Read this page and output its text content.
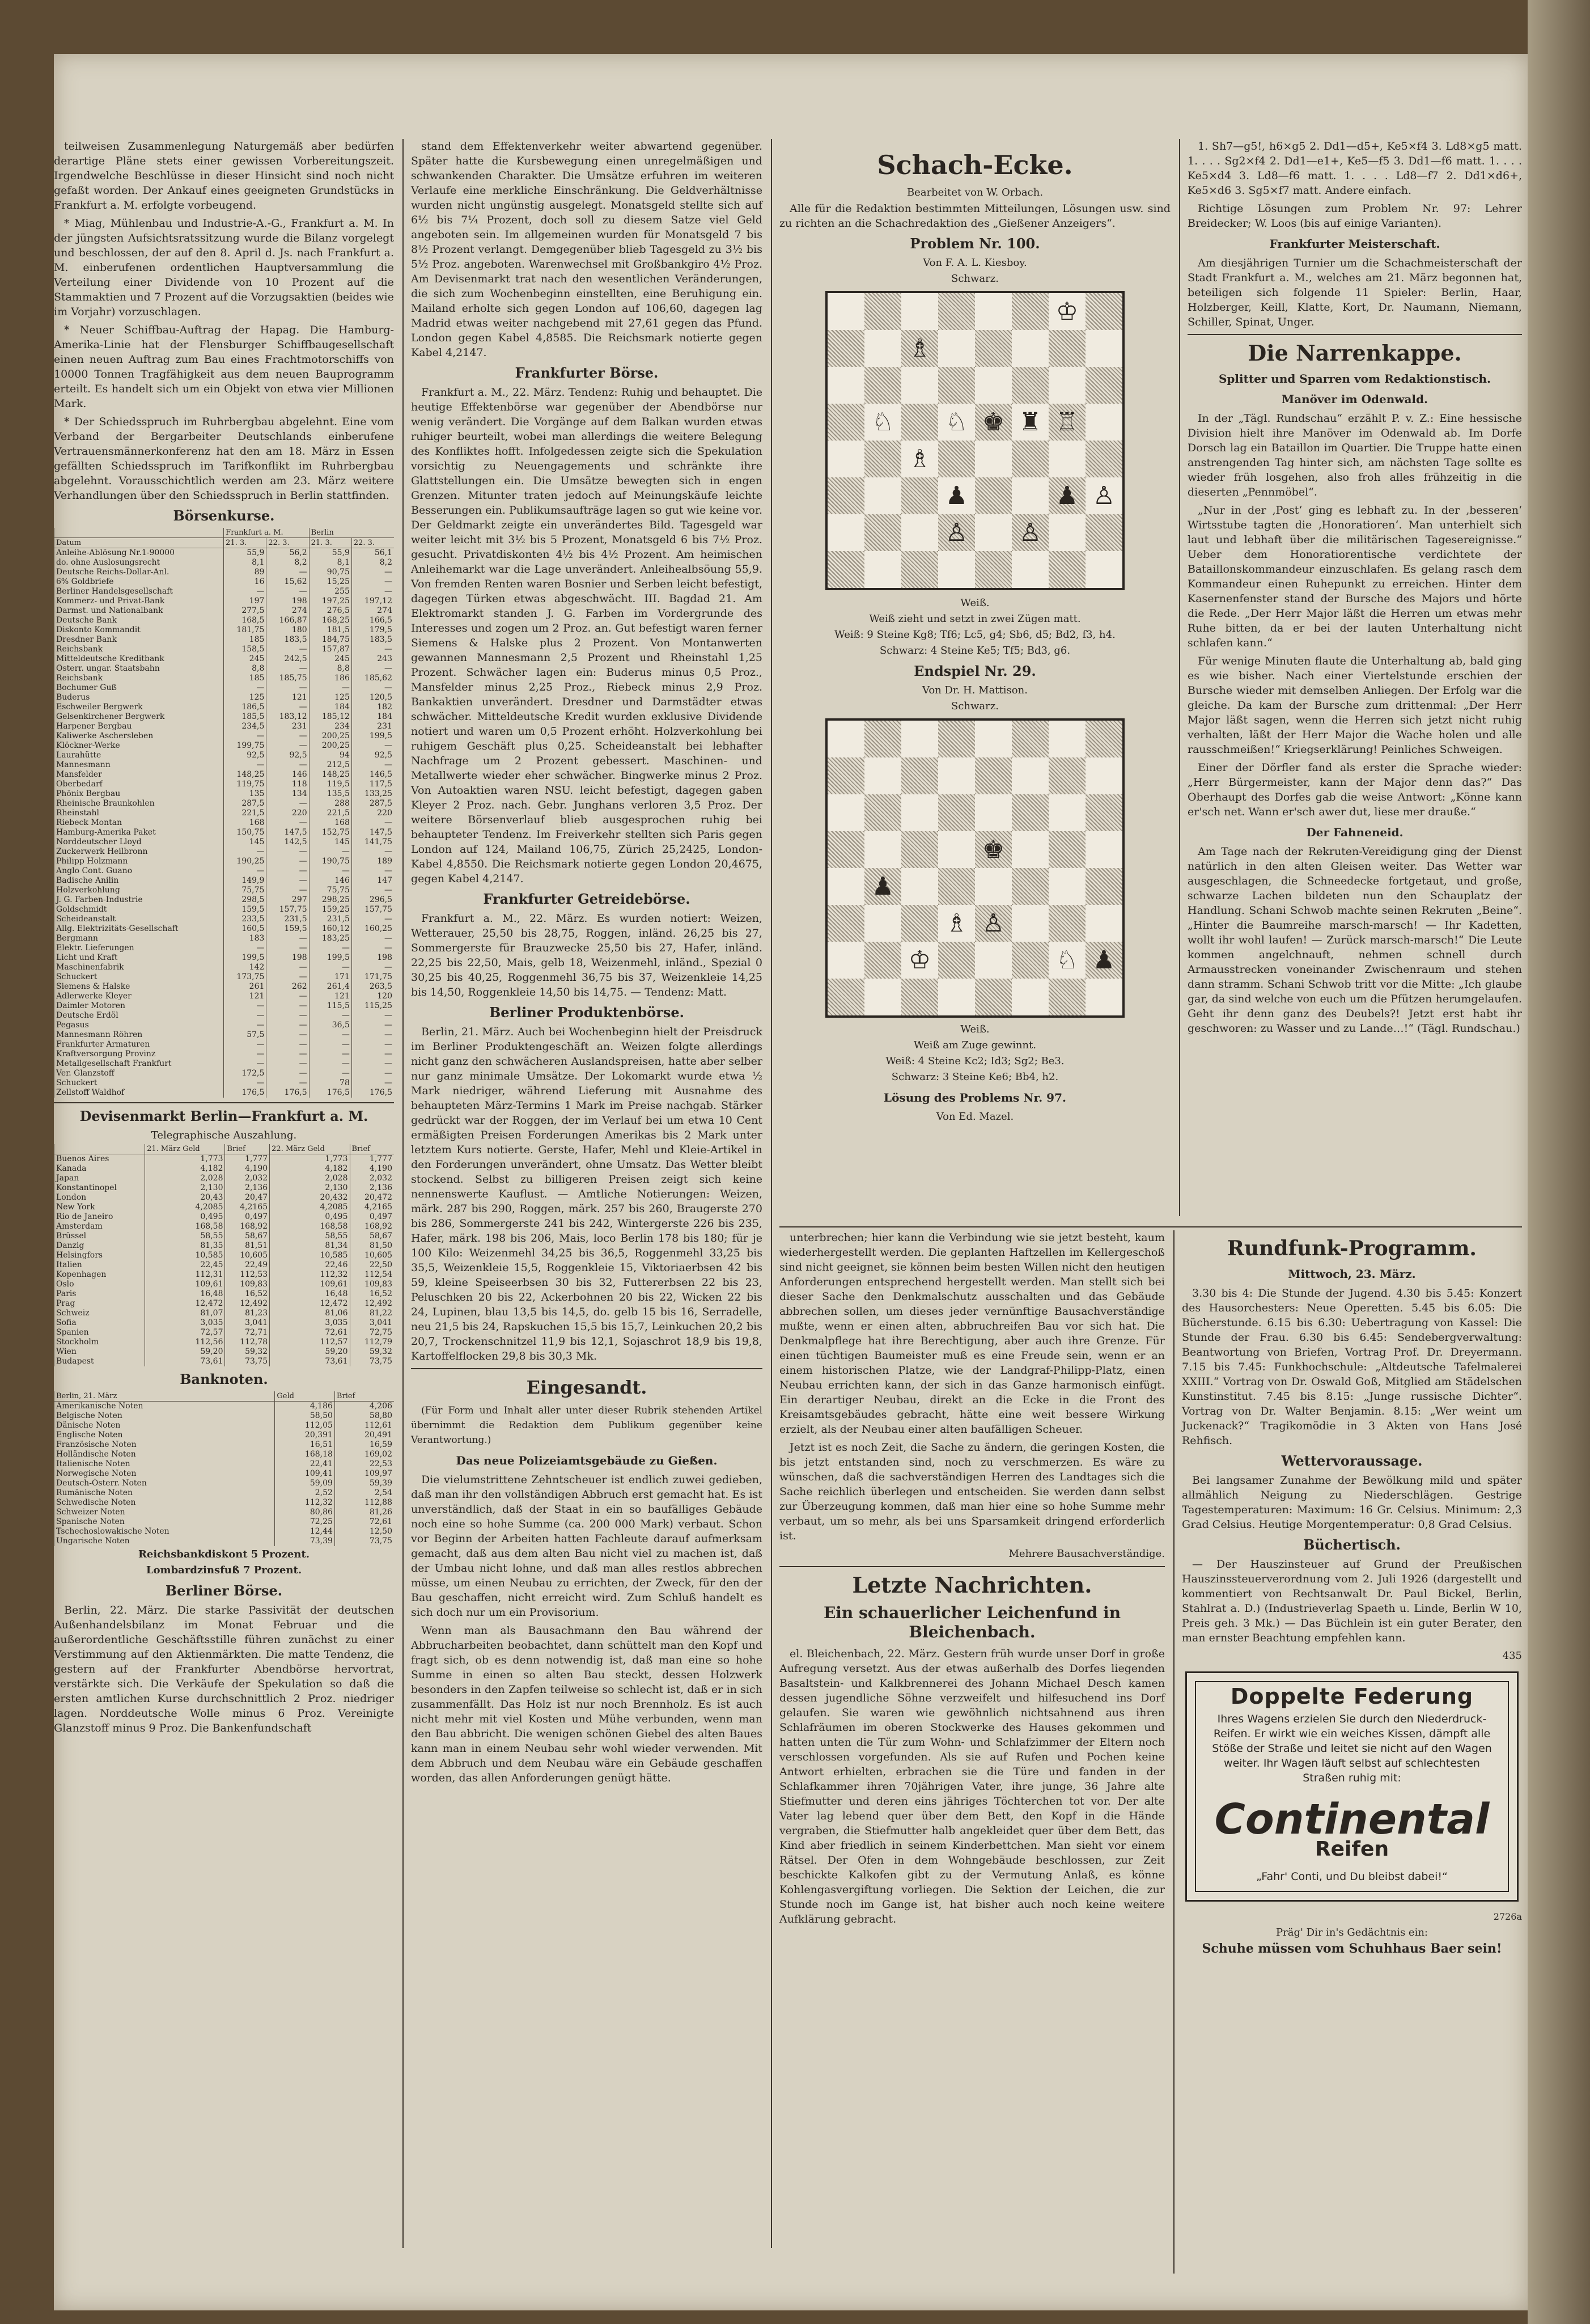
teilweisen Zusammenlegung Naturgemäß aber bedürfen derartige Pläne stets einer gewissen Vorbereitungszeit. Irgendwelche Beschlüsse in dieser Hinsicht sind noch nicht gefaßt worden. Der Ankauf eines geeigneten Grundstücks in Frankfurt a. M. erfolgte vorbeugend.

* Miag, Mühlenbau und Industrie-A.-G., Frankfurt a. M. In der jüngsten Aufsichtsratssitzung wurde die Bilanz vorgelegt und beschlossen, der auf den 8. April d. Js. nach Frankfurt a. M. einberufenen ordentlichen Hauptversammlung die Verteilung einer Dividende von 10 Prozent auf die Stammaktien und 7 Prozent auf die Vorzugsaktien (beides wie im Vorjahr) vorzuschlagen.

* Neuer Schiffbau-Auftrag der Hapag. Die Hamburg-Amerika-Linie hat der Flensburger Schiffbaugesellschaft einen neuen Auftrag zum Bau eines Frachtmotorschiffs von 10000 Tonnen Tragfähigkeit aus dem neuen Bauprogramm erteilt. Es handelt sich um ein Objekt von etwa vier Millionen Mark.

* Der Schiedsspruch im Ruhrbergbau abgelehnt. Eine vom Verband der Bergarbeiter Deutschlands einberufene Vertrauensmännerkonferenz hat den am 18. März in Essen gefällten Schiedsspruch im Tarifkonflikt im Ruhrbergbau abgelehnt. Vorausschichtlich werden am 23. März weitere Verhandlungen über den Schiedsspruch in Berlin stattfinden.

Börsenkurse.
	Frankfurt a. M.		Berlin	
Datum	21. 3.	22. 3.	21. 3.	22. 3.
Anleihe-Ablösung Nr.1-90000	55,9	56,2	55,9	56,1
do. ohne Auslosungsrecht	8,1	8,2	8,1	8,2
Deutsche Reichs-Dollar-Anl.	89	—	90,75	—
6% Goldbriefe	16	15,62	15,25	—
Berliner Handelsgesellschaft	—	—	255	—
Kommerz- und Privat-Bank	197	198	197,25	197,12
Darmst. und Nationalbank	277,5	274	276,5	274
Deutsche Bank	168,5	166,87	168,25	166,5
Diskonto Kommandit	181,75	180	181,5	179,5
Dresdner Bank	185	183,5	184,75	183,5
Reichsbank	158,5	—	157,87	—
Mitteldeutsche Kreditbank	245	242,5	245	243
Österr. ungar. Staatsbahn	8,8	—	8,8	—
Reichsbank	185	185,75	186	185,62
Bochumer Guß	—	—	—	—
Buderus	125	121	125	120,5
Eschweiler Bergwerk	186,5	—	184	182
Gelsenkirchener Bergwerk	185,5	183,12	185,12	184
Harpener Bergbau	234,5	231	234	231
Kaliwerke Aschersleben	—	—	200,25	199,5
Klöckner-Werke	199,75	—	200,25	—
Laurahütte	92,5	92,5	94	92,5
Mannesmann	—	—	212,5	—
Mansfelder	148,25	146	148,25	146,5
Oberbedarf	119,75	118	119,5	117,5
Phönix Bergbau	135	134	135,5	133,25
Rheinische Braunkohlen	287,5	—	288	287,5
Rheinstahl	221,5	220	221,5	220
Riebeck Montan	168	—	168	—
Hamburg-Amerika Paket	150,75	147,5	152,75	147,5
Norddeutscher Lloyd	145	142,5	145	141,75
Zuckerwerk Heilbronn	—	—	—	—
Philipp Holzmann	190,25	—	190,75	189
Anglo Cont. Guano	—	—	—	—
Badische Anilin	149,9	—	146	147
Holzverkohlung	75,75	—	75,75	—
J. G. Farben-Industrie	298,5	297	298,25	296,5
Goldschmidt	159,5	157,75	159,25	157,75
Scheideanstalt	233,5	231,5	231,5	—
Allg. Elektrizitäts-Gesellschaft	160,5	159,5	160,12	160,25
Bergmann	183	—	183,25	—
Elektr. Lieferungen	—	—	—	—
Licht und Kraft	199,5	198	199,5	198
Maschinenfabrik	142	—	—	—
Schuckert	173,75	—	171	171,75
Siemens & Halske	261	262	261,4	263,5
Adlerwerke Kleyer	121	—	121	120
Daimler Motoren	—	—	115,5	115,25
Deutsche Erdöl	—	—	—	—
Pegasus	—	—	36,5	—
Mannesmann Röhren	57,5	—	—	—
Frankfurter Armaturen	—	—	—	—
Kraftversorgung Provinz	—	—	—	—
Metallgesellschaft Frankfurt	—	—	—	—
Ver. Glanzstoff	172,5	—	—	—
Schuckert	—	—	78	—
Zellstoff Waldhof	176,5	176,5	176,5	176,5
Devisenmarkt Berlin—Frankfurt a. M.
Telegraphische Auszahlung.
	21. März Geld	Brief	22. März Geld	Brief
Buenos Aires	1,773	1,777	1,773	1,777
Kanada	4,182	4,190	4,182	4,190
Japan	2,028	2,032	2,028	2,032
Konstantinopel	2,130	2,136	2,130	2,136
London	20,43	20,47	20,432	20,472
New York	4,2085	4,2165	4,2085	4,2165
Rio de Janeiro	0,495	0,497	0,495	0,497
Amsterdam	168,58	168,92	168,58	168,92
Brüssel	58,55	58,67	58,55	58,67
Danzig	81,35	81,51	81,34	81,50
Helsingfors	10,585	10,605	10,585	10,605
Italien	22,45	22,49	22,46	22,50
Kopenhagen	112,31	112,53	112,32	112,54
Oslo	109,61	109,83	109,61	109,83
Paris	16,48	16,52	16,48	16,52
Prag	12,472	12,492	12,472	12,492
Schweiz	81,07	81,23	81,06	81,22
Sofia	3,035	3,041	3,035	3,041
Spanien	72,57	72,71	72,61	72,75
Stockholm	112,56	112,78	112,57	112,79
Wien	59,20	59,32	59,20	59,32
Budapest	73,61	73,75	73,61	73,75
Banknoten.
Berlin, 21. März	Geld	Brief
Amerikanische Noten	4,186	4,206
Belgische Noten	58,50	58,80
Dänische Noten	112,05	112,61
Englische Noten	20,391	20,491
Französische Noten	16,51	16,59
Holländische Noten	168,18	169,02
Italienische Noten	22,41	22,53
Norwegische Noten	109,41	109,97
Deutsch-Österr. Noten	59,09	59,39
Rumänische Noten	2,52	2,54
Schwedische Noten	112,32	112,88
Schweizer Noten	80,86	81,26
Spanische Noten	72,25	72,61
Tschechoslowakische Noten	12,44	12,50
Ungarische Noten	73,39	73,75
Reichsbankdiskont 5 Prozent.
Lombardzinsfuß 7 Prozent.
Berliner Börse.

Berlin, 22. März. Die starke Passivität der deutschen Außenhandelsbilanz im Monat Februar und die außerordentliche Geschäftsstille führen zunächst zu einer Verstimmung auf den Aktienmärkten. Die matte Tendenz, die gestern auf der Frankfurter Abendbörse hervortrat, verstärkte sich. Die Verkäufe der Spekulation so daß die ersten amtlichen Kurse durchschnittlich 2 Proz. niedriger lagen. Norddeutsche Wolle minus 6 Proz. Vereinigte Glanzstoff minus 9 Proz. Die Bankenfundschaft

stand dem Effektenverkehr weiter abwartend gegenüber. Später hatte die Kursbewegung einen unregelmäßigen und schwankenden Charakter. Die Umsätze erfuhren im weiteren Verlaufe eine merkliche Einschränkung. Die Geldverhältnisse wurden nicht ungünstig ausgelegt. Monatsgeld stellte sich auf 6½ bis 7¼ Prozent, doch soll zu diesem Satze viel Geld angeboten sein. Im allgemeinen wurden für Monatsgeld 7 bis 8½ Prozent verlangt. Demgegenüber blieb Tagesgeld zu 3½ bis 5½ Proz. angeboten. Warenwechsel mit Großbankgiro 4½ Proz. Am Devisenmarkt trat nach den wesentlichen Veränderungen, die sich zum Wochenbeginn einstellten, eine Beruhigung ein. Mailand erholte sich gegen London auf 106,60, dagegen lag Madrid etwas weiter nachgebend mit 27,61 gegen das Pfund. London gegen Kabel 4,8585. Die Reichsmark notierte gegen Kabel 4,2147.

Frankfurter Börse.

Frankfurt a. M., 22. März. Tendenz: Ruhig und behauptet. Die heutige Effektenbörse war gegenüber der Abendbörse nur wenig verändert. Die Vorgänge auf dem Balkan wurden etwas ruhiger beurteilt, wobei man allerdings die weitere Belegung des Konfliktes hofft. Infolgedessen zeigte sich die Spekulation vorsichtig zu Neuengagements und schränkte ihre Glattstellungen ein. Die Umsätze bewegten sich in engen Grenzen. Mitunter traten jedoch auf Meinungskäufe leichte Besserungen ein. Publikumsaufträge lagen so gut wie keine vor. Der Geldmarkt zeigte ein unverändertes Bild. Tagesgeld war weiter leicht mit 3½ bis 5 Prozent, Monatsgeld 6 bis 7½ Proz. gesucht. Privatdiskonten 4½ bis 4½ Prozent. Am heimischen Anleihemarkt war die Lage unverändert. Anleihealbsöung 55,9. Von fremden Renten waren Bosnier und Serben leicht befestigt, dagegen Türken etwas abgeschwächt. III. Bagdad 21. Am Elektromarkt standen J. G. Farben im Vordergrunde des Interesses und zogen um 2 Proz. an. Gut befestigt waren ferner Siemens & Halske plus 2 Prozent. Von Montanwerten gewannen Mannesmann 2,5 Prozent und Rheinstahl 1,25 Prozent. Schwächer lagen ein: Buderus minus 0,5 Proz., Mansfelder minus 2,25 Proz., Riebeck minus 2,9 Proz. Bankaktien unverändert. Dresdner und Darmstädter etwas schwächer. Mitteldeutsche Kredit wurden exklusive Dividende notiert und waren um 0,5 Prozent erhöht. Holzverkohlung bei ruhigem Geschäft plus 0,25. Scheideanstalt bei lebhafter Nachfrage um 2 Prozent gebessert. Maschinen- und Metallwerte wieder eher schwächer. Bingwerke minus 2 Proz. Von Autoaktien waren NSU. leicht befestigt, dagegen gaben Kleyer 2 Proz. nach. Gebr. Junghans verloren 3,5 Proz. Der weitere Börsenverlauf blieb ausgesprochen ruhig bei behaupteter Tendenz. Im Freiverkehr stellten sich Paris gegen London auf 124, Mailand 106,75, Zürich 25,2425, London-Kabel 4,8550. Die Reichsmark notierte gegen London 20,4675, gegen Kabel 4,2147.

Frankfurter Getreidebörse.

Frankfurt a. M., 22. März. Es wurden notiert: Weizen, Wetterauer, 25,50 bis 28,75, Roggen, inländ. 26,25 bis 27, Sommergerste für Brauzwecke 25,50 bis 27, Hafer, inländ. 22,25 bis 22,50, Mais, gelb 18, Weizenmehl, inländ., Spezial 0 30,25 bis 40,25, Roggenmehl 36,75 bis 37, Weizenkleie 14,25 bis 14,50, Roggenkleie 14,50 bis 14,75. — Tendenz: Matt.

Berliner Produktenbörse.

Berlin, 21. März. Auch bei Wochenbeginn hielt der Preisdruck im Berliner Produktengeschäft an. Weizen folgte allerdings nicht ganz den schwächeren Auslandspreisen, hatte aber selber nur ganz minimale Umsätze. Der Lokomarkt wurde etwa ½ Mark niedriger, während Lieferung mit Ausnahme des behaupteten März-Termins 1 Mark im Preise nachgab. Stärker gedrückt war der Roggen, der im Verlauf bei um etwa 10 Cent ermäßigten Preisen Forderungen Amerikas bis 2 Mark unter letztem Kurs notierte. Gerste, Hafer, Mehl und Kleie-Artikel in den Forderungen unverändert, ohne Umsatz. Das Wetter bleibt stockend. Selbst zu billigeren Preisen zeigt sich keine nennenswerte Kauflust. — Amtliche Notierungen: Weizen, märk. 287 bis 290, Roggen, märk. 257 bis 260, Braugerste 270 bis 286, Sommergerste 241 bis 242, Wintergerste 226 bis 235, Hafer, märk. 198 bis 206, Mais, loco Berlin 178 bis 180; für je 100 Kilo: Weizenmehl 34,25 bis 36,5, Roggenmehl 33,25 bis 35,5, Weizenkleie 15,5, Roggenkleie 15, Viktoriaerbsen 42 bis 59, kleine Speiseerbsen 30 bis 32, Futtererbsen 22 bis 23, Peluschken 20 bis 22, Ackerbohnen 20 bis 22, Wicken 22 bis 24, Lupinen, blau 13,5 bis 14,5, do. gelb 15 bis 16, Serradelle, neu 21,5 bis 24, Rapskuchen 15,5 bis 15,7, Leinkuchen 20,2 bis 20,7, Trockenschnitzel 11,9 bis 12,1, Sojaschrot 18,9 bis 19,8, Kartoffelflocken 29,8 bis 30,3 Mk.

Eingesandt.

(Für Form und Inhalt aller unter dieser Rubrik stehenden Artikel übernimmt die Redaktion dem Publikum gegenüber keine Verantwortung.)

Das neue Polizeiamtsgebäude zu Gießen.

Die vielumstrittene Zehntscheuer ist endlich zuwei gedieben, daß man ihr den vollständigen Abbruch erst gemacht hat. Es ist unverständlich, daß der Staat in ein so baufälliges Gebäude noch eine so hohe Summe (ca. 200 000 Mark) verbaut. Schon vor Beginn der Arbeiten hatten Fachleute darauf aufmerksam gemacht, daß aus dem alten Bau nicht viel zu machen ist, daß der Umbau nicht lohne, und daß man alles restlos abbrechen müsse, um einen Neubau zu errichten, der Zweck, für den der Bau geschaffen, nicht erreicht wird. Zum Schluß handelt es sich doch nur um ein Provisorium.

Wenn man als Bausachmann den Bau während der Abbrucharbeiten beobachtet, dann schüttelt man den Kopf und fragt sich, ob es denn notwendig ist, daß man eine so hohe Summe in einen so alten Bau steckt, dessen Holzwerk besonders in den Zapfen teilweise so schlecht ist, daß er in sich zusammenfällt. Das Holz ist nur noch Brennholz. Es ist auch nicht mehr mit viel Kosten und Mühe verbunden, wenn man den Bau abbricht. Die wenigen schönen Giebel des alten Baues kann man in einem Neubau sehr wohl wieder verwenden. Mit dem Abbruch und dem Neubau wäre ein Gebäude geschaffen worden, das allen Anforderungen genügt hätte.

Schach-Ecke.
Bearbeitet von W. Orbach.

Alle für die Redaktion bestimmten Mitteilungen, Lösungen usw. sind zu richten an die Schachredaktion des „Gießener Anzeigers“.

Problem Nr. 100.
Von F. A. L. Kiesboy.
Schwarz.
♔
♗
♘ ♘ ♚ ♜ ♖
♗
♟	♟ ♙
♙ ♙
Weiß.
Weiß zieht und setzt in zwei Zügen matt.
Weiß: 9 Steine Kg8; Tf6; Lc5, g4; Sb6, d5; Bd2, f3, h4.
Schwarz: 4 Steine Ke5; Tf5; Bd3, g6.
Endspiel Nr. 29.
Von Dr. H. Mattison.
Schwarz.
♚
♟
♗ ♙
♔	♘ ♟
Weiß.
Weiß am Zuge gewinnt.
Weiß: 4 Steine Kc2; Id3; Sg2; Be3.
Schwarz: 3 Steine Ke6; Bb4, h2.
Lösung des Problems Nr. 97.
Von Ed. Mazel.

1. Sh7—g5!, h6×g5 2. Dd1—d5+, Ke5×f4 3. Ld8×g5 matt. 1. . . . Sg2×f4 2. Dd1—e1+, Ke5—f5 3. Dd1—f6 matt. 1. . . . Ke5×d4 3. Ld8—f6 matt. 1. . . . Ld8—f7 2. Dd1×d6+, Ke5×d6 3. Sg5×f7 matt. Andere einfach.

Richtige Lösungen zum Problem Nr. 97: Lehrer Breidecker; W. Loos (bis auf einige Varianten).

Frankfurter Meisterschaft.

Am diesjährigen Turnier um die Schachmeisterschaft der Stadt Frankfurt a. M., welches am 21. März begonnen hat, beteiligen sich folgende 11 Spieler: Berlin, Haar, Holzberger, Keill, Klatte, Kort, Dr. Naumann, Niemann, Schiller, Spinat, Unger.

Die Narrenkappe.
Splitter und Sparren vom Redaktionstisch.
Manöver im Odenwald.

In der „Tägl. Rundschau“ erzählt P. v. Z.: Eine hessische Division hielt ihre Manöver im Odenwald ab. Im Dorfe Dorsch lag ein Bataillon im Quartier. Die Truppe hatte einen anstrengenden Tag hinter sich, am nächsten Tage sollte es wieder früh losgehen, also froh alles frühzeitig in die dieserten „Pennmöbel“.

„Nur in der ‚Post‘ ging es lebhaft zu. In der ‚besseren‘ Wirtsstube tagten die ‚Honoratioren‘. Man unterhielt sich laut und lebhaft über die militärischen Tagesereignisse.“ Ueber dem Honoratiorentische verdichtete der Bataillonskommandeur einzuschlafen. Es gelang rasch dem Kommandeur einen Ruhepunkt zu erreichen. Hinter dem Kasernenfenster stand der Bursche des Majors und hörte die Rede. „Der Herr Major läßt die Herren um etwas mehr Ruhe bitten, da er bei der lauten Unterhaltung nicht schlafen kann.“

Für wenige Minuten flaute die Unterhaltung ab, bald ging es wie bisher. Nach einer Viertelstunde erschien der Bursche wieder mit demselben Anliegen. Der Erfolg war die gleiche. Da kam der Bursche zum drittenmal: „Der Herr Major läßt sagen, wenn die Herren sich jetzt nicht ruhig verhalten, läßt der Herr Major die Wache holen und alle rausschmeißen!“ Kriegserklärung! Peinliches Schweigen.

Einer der Dörfler fand als erster die Sprache wieder: „Herr Bürgermeister, kann der Major denn das?“ Das Oberhaupt des Dorfes gab die weise Antwort: „Könne kann er'sch net. Wann er'sch awer dut, liese mer drauße.“

Der Fahneneid.

Am Tage nach der Rekruten-Vereidigung ging der Dienst natürlich in den alten Gleisen weiter. Das Wetter war ausgeschlagen, die Schneedecke fortgetaut, und große, schwarze Lachen bildeten nun den Schauplatz der Handlung. Schani Schwob machte seinen Rekruten „Beine“. „Hinter die Baumreihe marsch-marsch! — Ihr Kadetten, wollt ihr wohl laufen! — Zurück marsch-marsch!“ Die Leute kommen angelchnauft, nehmen schnell durch Armausstrecken voneinander Zwischenraum und stehen dann stramm. Schani Schwob tritt vor die Mitte: „Ich glaube gar, da sind welche von euch um die Pfützen herumgelaufen. Geht ihr denn ganz des Deubels?! Jetzt erst habt ihr geschworen: zu Wasser und zu Lande…!“ (Tägl. Rundschau.)

unterbrechen; hier kann die Verbindung wie sie jetzt besteht, kaum wiederhergestellt werden. Die geplanten Haftzellen im Kellergeschoß sind nicht geeignet, sie können beim besten Willen nicht den heutigen Anforderungen entsprechend hergestellt werden. Man stellt sich bei dieser Sache den Denkmalschutz ausschalten und das Gebäude abbrechen sollen, um dieses jeder vernünftige Bausachverständige mußte, wenn er einen alten, abbruchreifen Bau vor sich hat. Die Denkmalpflege hat ihre Berechtigung, aber auch ihre Grenze. Für einen tüchtigen Baumeister muß es eine Freude sein, wenn er an einem historischen Platze, wie der Landgraf-Philipp-Platz, einen Neubau errichten kann, der sich in das Ganze harmonisch einfügt. Ein derartiger Neubau, direkt an die Ecke in die Front des Kreisamtsgebäudes gebracht, hätte eine weit bessere Wirkung erzielt, als der Neubau einer alten baufälligen Scheuer.

Jetzt ist es noch Zeit, die Sache zu ändern, die geringen Kosten, die bis jetzt entstanden sind, noch zu verschmerzen. Es wäre zu wünschen, daß die sachverständigen Herren des Landtages sich die Sache reichlich überlegen und entscheiden. Sie werden dann selbst zur Überzeugung kommen, daß man hier eine so hohe Summe mehr verbaut, um so mehr, als bei uns Sparsamkeit dringend erforderlich ist.

Mehrere Bausachverständige.
Letzte Nachrichten.
Ein schauerlicher Leichenfund in Bleichenbach.

el. Bleichenbach, 22. März. Gestern früh wurde unser Dorf in große Aufregung versetzt. Aus der etwas außerhalb des Dorfes liegenden Basaltstein- und Kalkbrennerei des Johann Michael Desch kamen dessen jugendliche Söhne verzweifelt und hilfesuchend ins Dorf gelaufen. Sie waren wie gewöhnlich nichtsahnend aus ihren Schlafräumen im oberen Stockwerke des Hauses gekommen und hatten unten die Tür zum Wohn- und Schlafzimmer der Eltern noch verschlossen vorgefunden. Als sie auf Rufen und Pochen keine Antwort erhielten, erbrachen sie die Türe und fanden in der Schlafkammer ihren 70jährigen Vater, ihre junge, 36 Jahre alte Stiefmutter und deren eins jähriges Töchterchen tot vor. Der alte Vater lag lebend quer über dem Bett, den Kopf in die Hände vergraben, die Stiefmutter halb angekleidet quer über dem Bett, das Kind aber friedlich in seinem Kinderbettchen. Man sieht vor einem Rätsel. Der Ofen in dem Wohngebäude beschlossen, zur Zeit beschickte Kalkofen gibt zu der Vermutung Anlaß, es könne Kohlengasvergiftung vorliegen. Die Sektion der Leichen, die zur Stunde noch im Gange ist, hat bisher auch noch keine weitere Aufklärung gebracht.

Rundfunk-Programm.
Mittwoch, 23. März.

3.30 bis 4: Die Stunde der Jugend. 4.30 bis 5.45: Konzert des Hausorchesters: Neue Operetten. 5.45 bis 6.05: Die Bücherstunde. 6.15 bis 6.30: Uebertragung von Kassel: Die Stunde der Frau. 6.30 bis 6.45: Sendebergverwaltung: Beantwortung von Briefen, Vortrag Prof. Dr. Dreyermann. 7.15 bis 7.45: Funkhochschule: „Altdeutsche Tafelmalerei XXIII.“ Vortrag von Dr. Oswald Goß, Mitglied am Städelschen Kunstinstitut. 7.45 bis 8.15: „Junge russische Dichter“. Vortrag von Dr. Walter Benjamin. 8.15: „Wer weint um Juckenack?“ Tragikomödie in 3 Akten von Hans José Rehfisch.

Wettervoraussage.

Bei langsamer Zunahme der Bewölkung mild und später allmählich Neigung zu Niederschlägen. Gestrige Tagestemperaturen: Maximum: 16 Gr. Celsius. Minimum: 2,3 Grad Celsius. Heutige Morgentemperatur: 0,8 Grad Celsius.

Büchertisch.

— Der Hauszinsteuer auf Grund der Preußischen Hauszinssteuerverordnung vom 2. Juli 1926 (dargestellt und kommentiert von Rechtsanwalt Dr. Paul Bickel, Berlin, Stahlrat a. D.) (Industrieverlag Spaeth u. Linde, Berlin W 10, Preis geh. 3 Mk.) — Das Büchlein ist ein guter Berater, den man ernster Beachtung empfehlen kann.

435
Doppelte Federung
Ihres Wagens erzielen Sie durch den Niederdruck-Reifen. Er wirkt wie ein weiches Kissen, dämpft alle Stöße der Straße und leitet sie nicht auf den Wagen weiter. Ihr Wagen läuft selbst auf schlechtesten Straßen ruhig mit:
Continental
Reifen
„Fahr' Conti, und Du bleibst dabei!“
2726a
Präg' Dir in's Gedächtnis ein:
Schuhe müssen vom Schuhhaus Baer sein!
